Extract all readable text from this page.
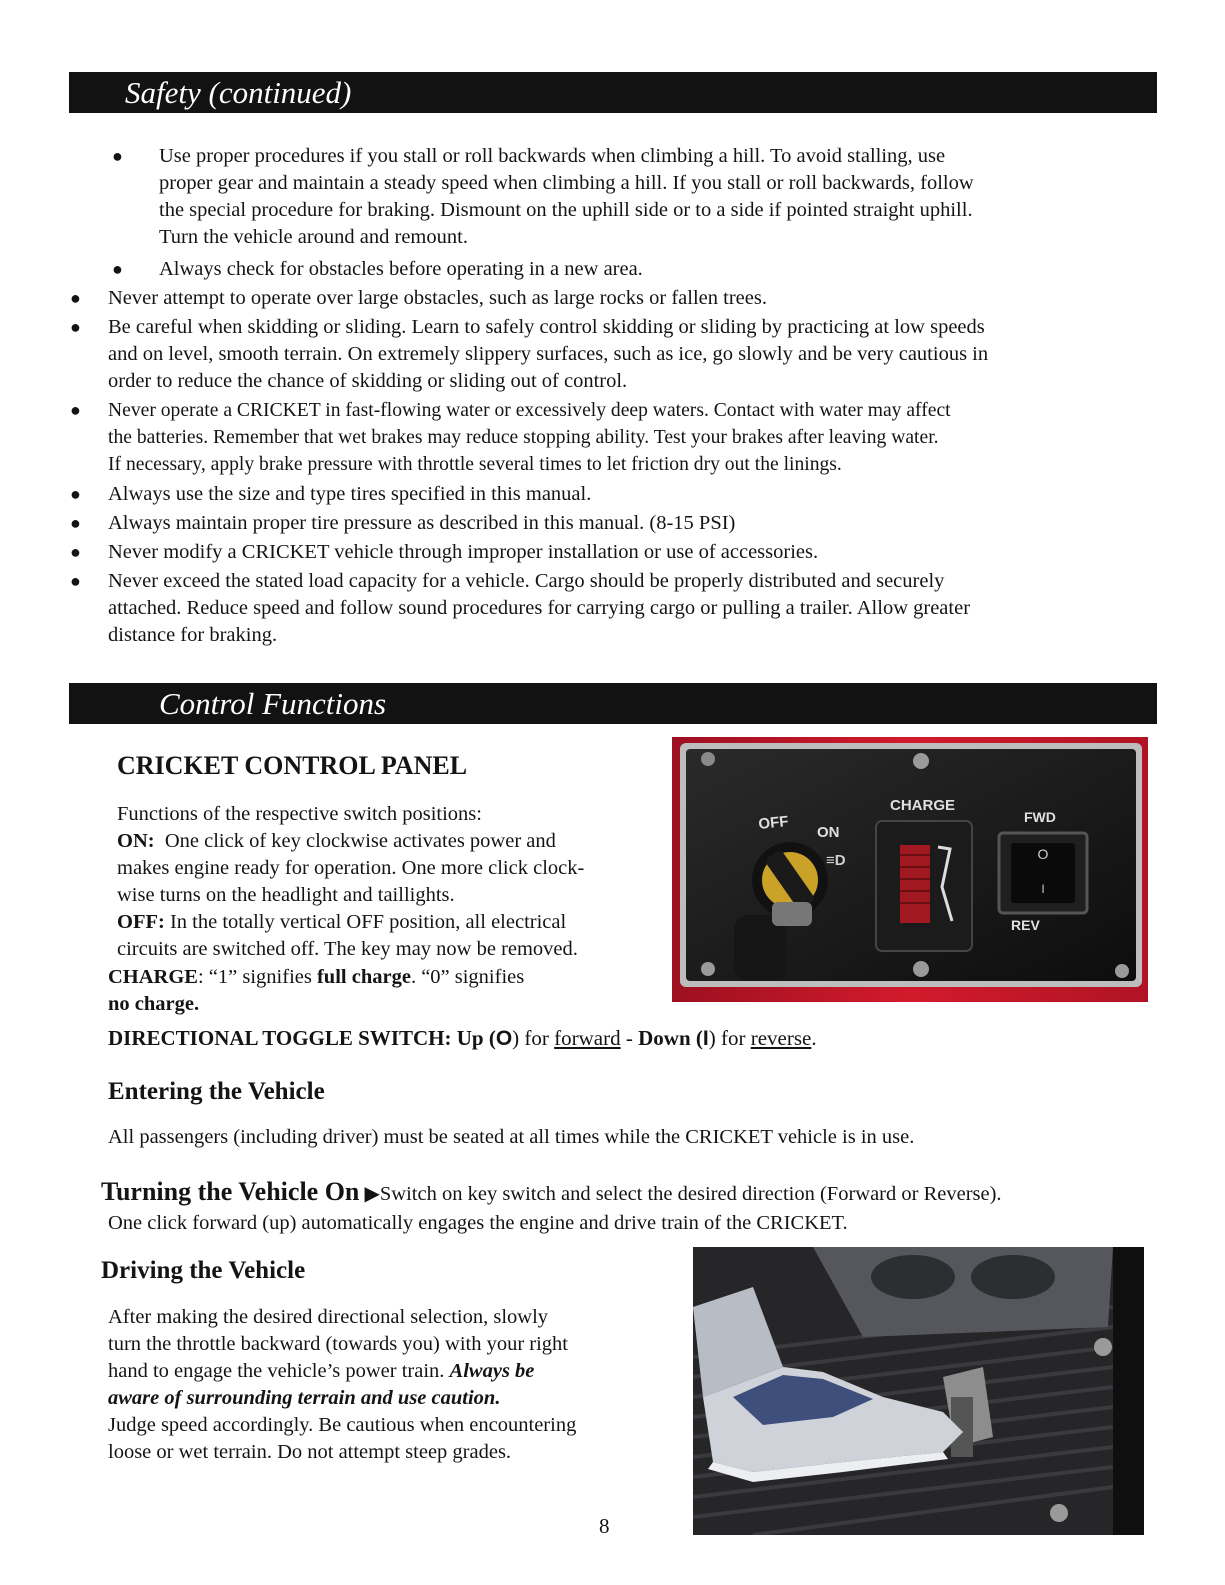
Safety (continued)
● Use proper procedures if you stall or roll backwards when climbing a hill. To avoid stalling, use
proper gear and maintain a steady speed when climbing a hill. If you stall or roll backwards, follow
the special procedure for braking. Dismount on the uphill side or to a side if pointed straight uphill.
Turn the vehicle around and remount.
● Always check for obstacles before operating in a new area.
● Never attempt to operate over large obstacles, such as large rocks or fallen trees.
● Be careful when skidding or sliding. Learn to safely control skidding or sliding by practicing at low speeds
and on level, smooth terrain. On extremely slippery surfaces, such as ice, go slowly and be very cautious in
order to reduce the chance of skidding or sliding out of control.
● Never operate a CRICKET in fast-flowing water or excessively deep waters. Contact with water may affect
the batteries. Remember that wet brakes may reduce stopping ability. Test your brakes after leaving water.
If necessary, apply brake pressure with throttle several times to let friction dry out the linings.
● Always use the size and type tires specified in this manual.
● Always maintain proper tire pressure as described in this manual. (8-15 PSI)
● Never modify a CRICKET vehicle through improper installation or use of accessories.
● Never exceed the stated load capacity for a vehicle. Cargo should be properly distributed and securely
attached. Reduce speed and follow sound procedures for carrying cargo or pulling a trailer. Allow greater
distance for braking.
Control Functions
CRICKET CONTROL PANEL
Functions of the respective switch positions:
ON: One click of key clockwise activates power and
makes engine ready for operation. One more click clock-
wise turns on the headlight and taillights.
OFF: In the totally vertical OFF position, all electrical
circuits are switched off. The key may now be removed.
CHARGE: “1” signifies full charge. “0” signifies
no charge.
DIRECTIONAL TOGGLE SWITCH: Up (O) for forward - Down (I) for reverse.
CHARGE
OFF ON
FWD
REV
≡D	O
I
Entering the Vehicle
All passengers (including driver) must be seated at all times while the CRICKET vehicle is in use.
Turning the Vehicle On ▶Switch on key switch and select the desired direction (Forward or Reverse).
One click forward (up) automatically engages the engine and drive train of the CRICKET.
Driving the Vehicle
After making the desired directional selection, slowly
turn the throttle backward (towards you) with your right
hand to engage the vehicle’s power train. Always be
aware of surrounding terrain and use caution.
Judge speed accordingly. Be cautious when encountering
loose or wet terrain. Do not attempt steep grades.
8
